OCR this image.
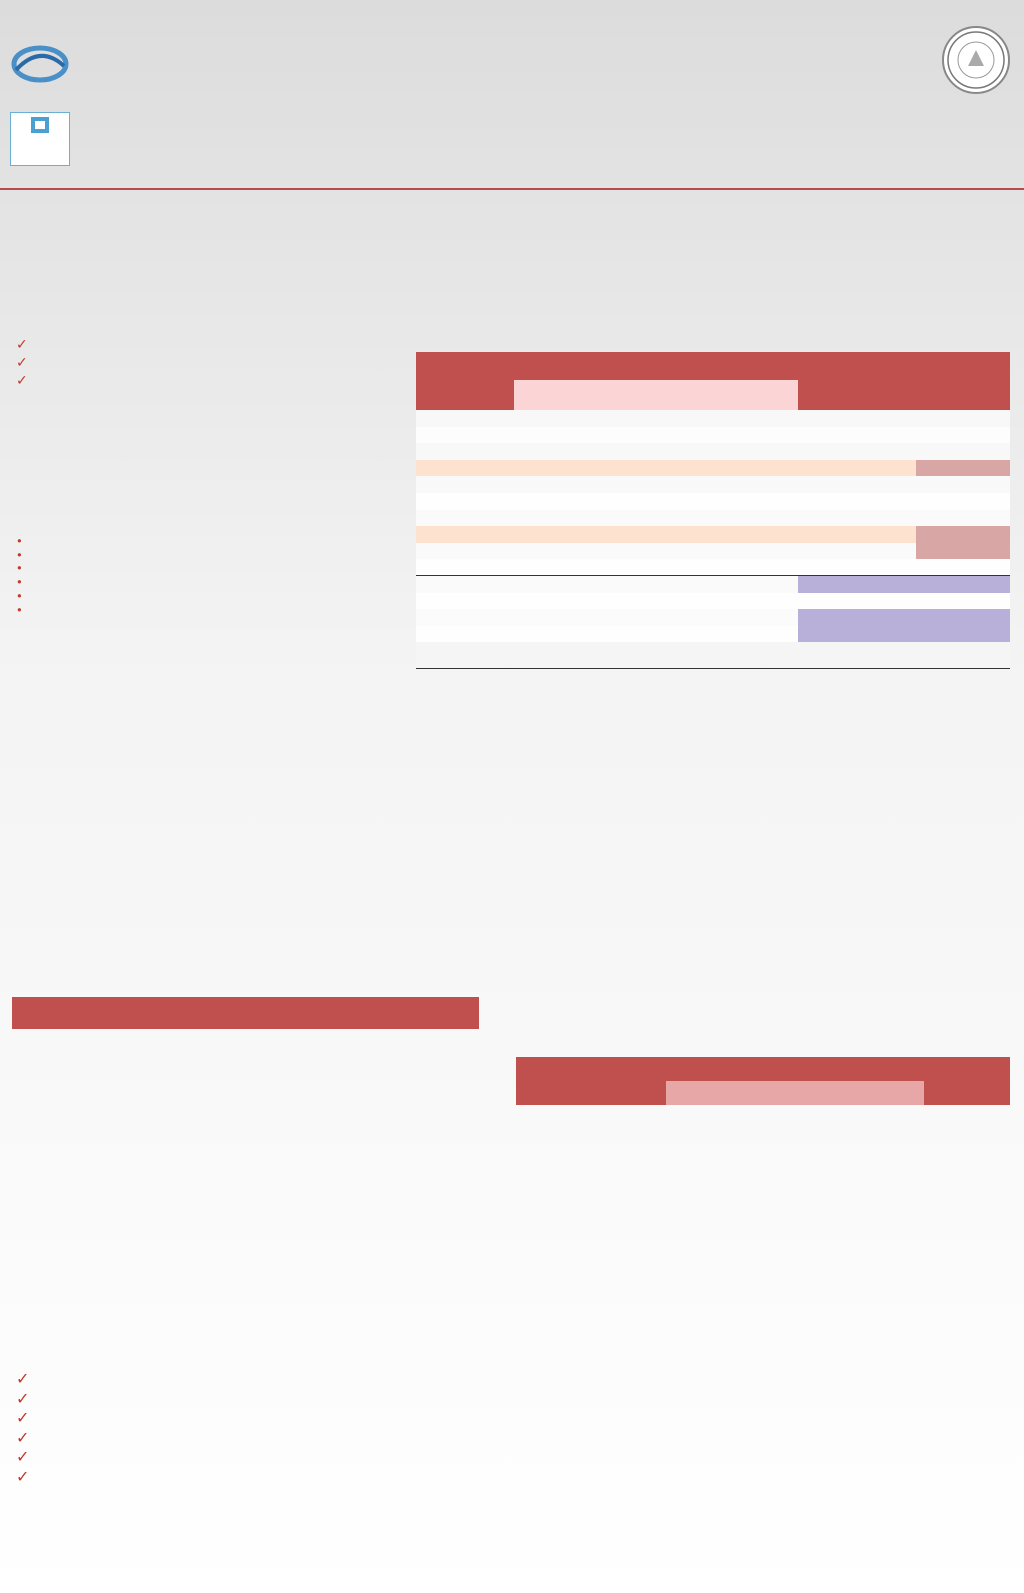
✓
✓
✓
•
•
•
•
•
•

✓
✓
✓
✓
✓
✓
